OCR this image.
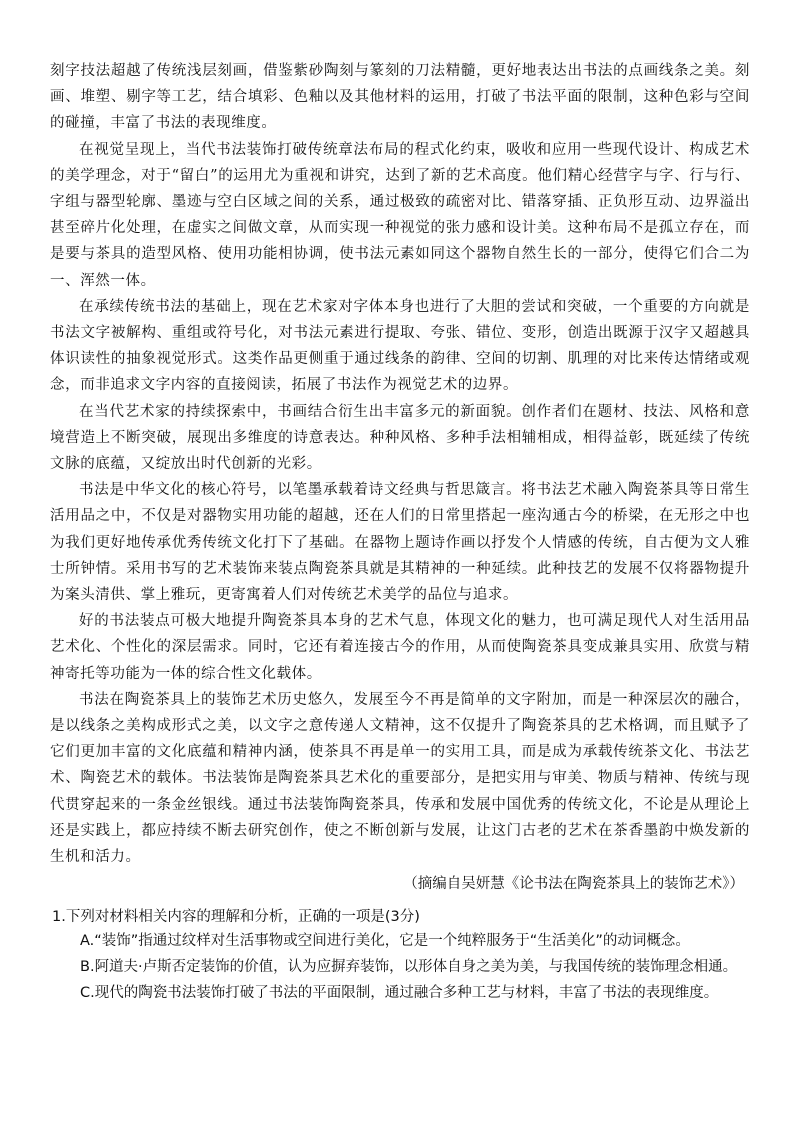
刻字技法超越了传统浅层刻画，借鉴紫砂陶刻与篆刻的刀法精髓，更好地表达出书法的点画线条之美。刻画、堆塑、剔字等工艺，结合填彩、色釉以及其他材料的运用，打破了书法平面的限制，这种色彩与空间的碰撞，丰富了书法的表现维度。

在视觉呈现上，当代书法装饰打破传统章法布局的程式化约束，吸收和应用一些现代设计、构成艺术的美学理念，对于“留白”的运用尤为重视和讲究，达到了新的艺术高度。他们精心经营字与字、行与行、字组与器型轮廓、墨迹与空白区域之间的关系，通过极致的疏密对比、错落穿插、正负形互动、边界溢出甚至碎片化处理，在虚实之间做文章，从而实现一种视觉的张力感和设计美。这种布局不是孤立存在，而是要与茶具的造型风格、使用功能相协调，使书法元素如同这个器物自然生长的一部分，使得它们合二为一、浑然一体。

在承续传统书法的基础上，现在艺术家对字体本身也进行了大胆的尝试和突破，一个重要的方向就是书法文字被解构、重组或符号化，对书法元素进行提取、夸张、错位、变形，创造出既源于汉字又超越具体识读性的抽象视觉形式。这类作品更侧重于通过线条的韵律、空间的切割、肌理的对比来传达情绪或观念，而非追求文字内容的直接阅读，拓展了书法作为视觉艺术的边界。

在当代艺术家的持续探索中，书画结合衍生出丰富多元的新面貌。创作者们在题材、技法、风格和意境营造上不断突破，展现出多维度的诗意表达。种种风格、多种手法相辅相成，相得益彰，既延续了传统文脉的底蕴，又绽放出时代创新的光彩。

书法是中华文化的核心符号，以笔墨承载着诗文经典与哲思箴言。将书法艺术融入陶瓷茶具等日常生活用品之中，不仅是对器物实用功能的超越，还在人们的日常里搭起一座沟通古今的桥梁，在无形之中也为我们更好地传承优秀传统文化打下了基础。在器物上题诗作画以抒发个人情感的传统，自古便为文人雅士所钟情。采用书写的艺术装饰来装点陶瓷茶具就是其精神的一种延续。此种技艺的发展不仅将器物提升为案头清供、掌上雅玩，更寄寓着人们对传统艺术美学的品位与追求。

好的书法装点可极大地提升陶瓷茶具本身的艺术气息，体现文化的魅力，也可满足现代人对生活用品艺术化、个性化的深层需求。同时，它还有着连接古今的作用，从而使陶瓷茶具变成兼具实用、欣赏与精神寄托等功能为一体的综合性文化载体。

书法在陶瓷茶具上的装饰艺术历史悠久，发展至今不再是简单的文字附加，而是一种深层次的融合，是以线条之美构成形式之美，以文字之意传递人文精神，这不仅提升了陶瓷茶具的艺术格调，而且赋予了它们更加丰富的文化底蕴和精神内涵，使茶具不再是单一的实用工具，而是成为承载传统茶文化、书法艺术、陶瓷艺术的载体。书法装饰是陶瓷茶具艺术化的重要部分，是把实用与审美、物质与精神、传统与现代贯穿起来的一条金丝银线。通过书法装饰陶瓷茶具，传承和发展中国优秀的传统文化，不论是从理论上还是实践上，都应持续不断去研究创作，使之不断创新与发展，让这门古老的艺术在茶香墨韵中焕发新的生机和活力。

（摘编自吴妍慧《论书法在陶瓷茶具上的装饰艺术》）

1.下列对材料相关内容的理解和分析，正确的一项是(3分)

A.“装饰”指通过纹样对生活事物或空间进行美化，它是一个纯粹服务于“生活美化”的动词概念。
B.阿道夫·卢斯否定装饰的价值，认为应摒弃装饰，以形体自身之美为美，与我国传统的装饰理念相通。
C.现代的陶瓷书法装饰打破了书法的平面限制，通过融合多种工艺与材料，丰富了书法的表现维度。
